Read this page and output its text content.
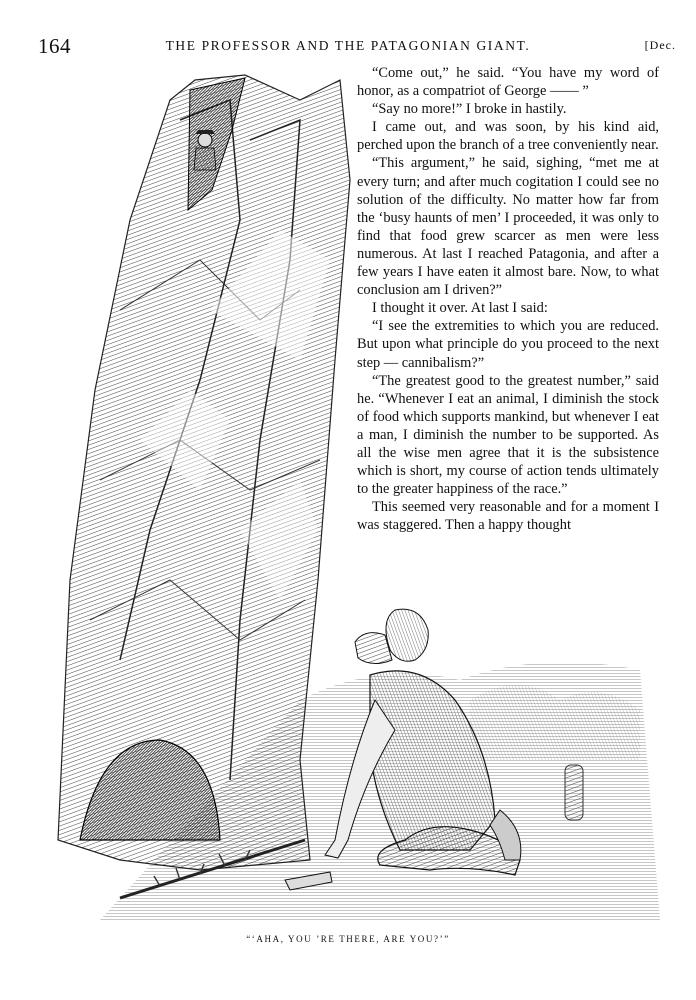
164	THE PROFESSOR AND THE PATAGONIAN GIANT.	[Dec.

“Come out,” he said. “You have my word of honor, as a compatriot of George —— ”

“Say no more!” I broke in hastily.

I came out, and was soon, by his kind aid, perched upon the branch of a tree conveniently near.

“This argument,” he said, sighing, “met me at every turn; and after much cogitation I could see no solution of the difficulty. No matter how far from the ‘busy haunts of men’ I proceeded, it was only to find that food grew scarcer as men were less numerous. At last I reached Patagonia, and after a few years I have eaten it almost bare. Now, to what conclusion am I driven?”

I thought it over. At last I said:

“I see the extremities to which you are reduced. But upon what principle do you proceed to the next step — cannibalism?”

“The greatest good to the greatest number,” said he. “Whenever I eat an animal, I diminish the stock of food which supports mankind, but whenever I eat a man, I diminish the number to be supported. As all the wise men agree that it is the subsistence which is short, my course of action tends ultimately to the greater happiness of the race.”

This seemed very reasonable and for a moment I was staggered. Then a happy thought

“‘AHA, YOU ’RE THERE, ARE YOU?’”
